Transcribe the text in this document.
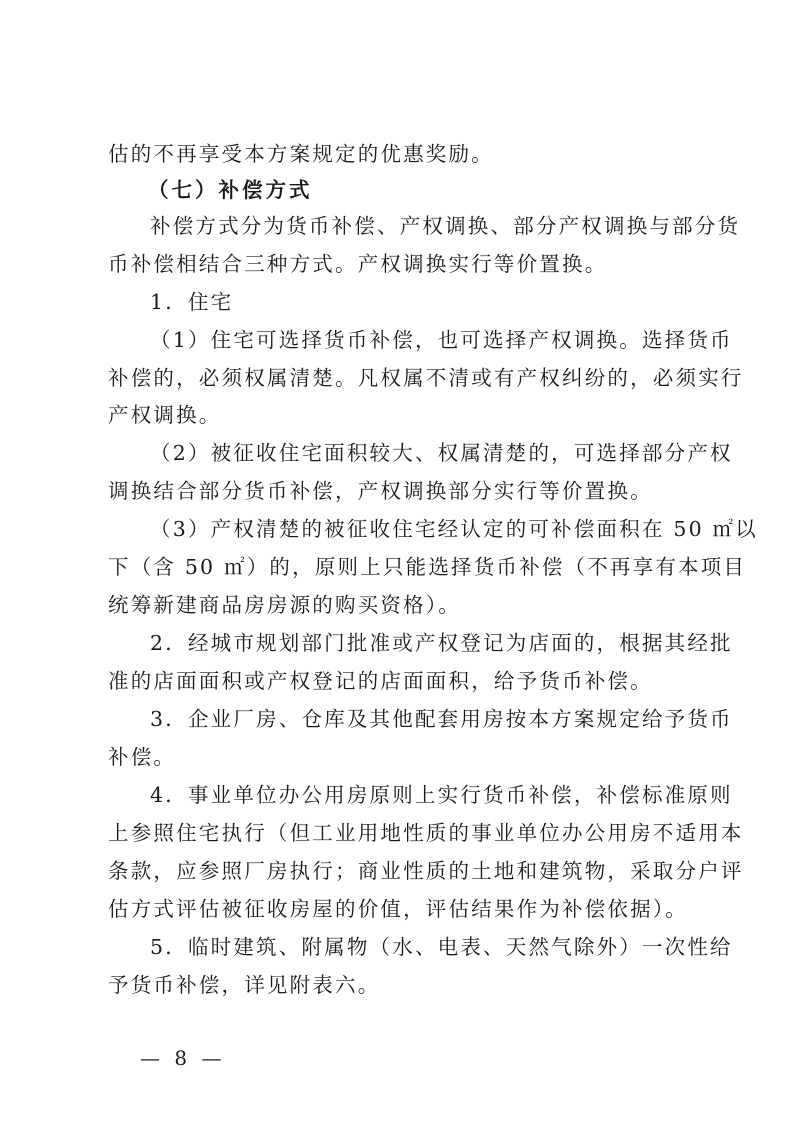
估的不再享受本方案规定的优惠奖励。
（七）补偿方式
补偿方式分为货币补偿、产权调换、部分产权调换与部分货
币补偿相结合三种方式。产权调换实行等价置换。
1．住宅
（1）住宅可选择货币补偿，也可选择产权调换。选择货币
补偿的，必须权属清楚。凡权属不清或有产权纠纷的，必须实行
产权调换。
（2）被征收住宅面积较大、权属清楚的，可选择部分产权
调换结合部分货币补偿，产权调换部分实行等价置换。
（3）产权清楚的被征收住宅经认定的可补偿面积在 50 ㎡以
下（含 50 ㎡）的，原则上只能选择货币补偿（不再享有本项目
统筹新建商品房房源的购买资格）。
2．经城市规划部门批准或产权登记为店面的，根据其经批
准的店面面积或产权登记的店面面积，给予货币补偿。
3．企业厂房、仓库及其他配套用房按本方案规定给予货币
补偿。
4．事业单位办公用房原则上实行货币补偿，补偿标准原则
上参照住宅执行（但工业用地性质的事业单位办公用房不适用本
条款，应参照厂房执行；商业性质的土地和建筑物，采取分户评
估方式评估被征收房屋的价值，评估结果作为补偿依据）。
5．临时建筑、附属物（水、电表、天然气除外）一次性给
予货币补偿，详见附表六。
— 8 —
